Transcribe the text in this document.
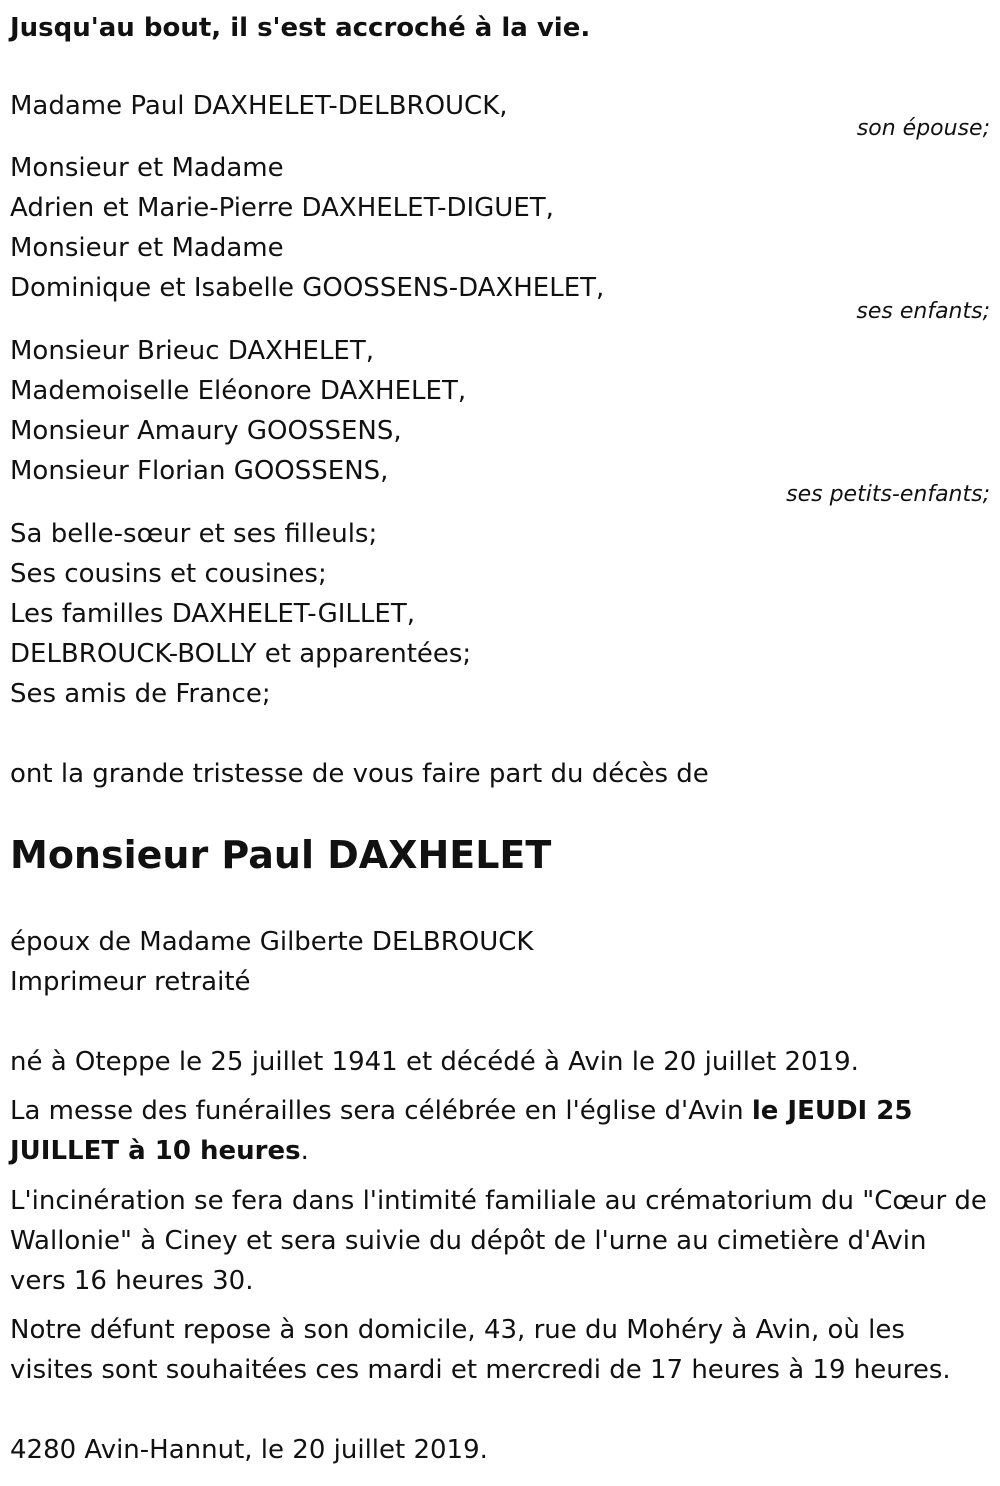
Jusqu'au bout, il s'est accroché à la vie.
Madame Paul DAXHELET-DELBROUCK,
son épouse;
Monsieur et Madame
Adrien et Marie-Pierre DAXHELET-DIGUET,
Monsieur et Madame
Dominique et Isabelle GOOSSENS-DAXHELET,
ses enfants;
Monsieur Brieuc DAXHELET,
Mademoiselle Eléonore DAXHELET,
Monsieur Amaury GOOSSENS,
Monsieur Florian GOOSSENS,
ses petits-enfants;
Sa belle-sœur et ses filleuls;
Ses cousins et cousines;
Les familles DAXHELET-GILLET,
DELBROUCK-BOLLY et apparentées;
Ses amis de France;
ont la grande tristesse de vous faire part du décès de
Monsieur Paul DAXHELET
époux de Madame Gilberte DELBROUCK
Imprimeur retraité
né à Oteppe le 25 juillet 1941 et décédé à Avin le 20 juillet 2019.
La messe des funérailles sera célébrée en l'église d'Avin le JEUDI 25 JUILLET à 10 heures.
L'incinération se fera dans l'intimité familiale au crématorium du "Cœur de Wallonie" à Ciney et sera suivie du dépôt de l'urne au cimetière d'Avin vers 16 heures 30.
Notre défunt repose à son domicile, 43, rue du Mohéry à Avin, où les visites sont souhaitées ces mardi et mercredi de 17 heures à 19 heures.
4280 Avin-Hannut, le 20 juillet 2019.
